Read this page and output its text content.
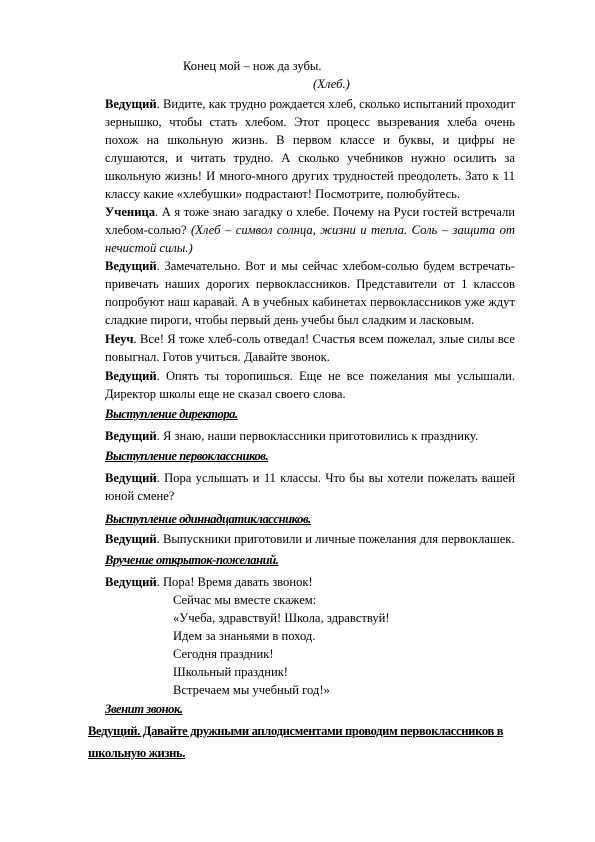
Конец мой – нож да зубы.
(Хлеб.)

Ведущий. Видите, как трудно рождается хлеб, сколько испытаний проходит зернышко, чтобы стать хлебом. Этот процесс вызревания хлеба очень похож на школьную жизнь. В первом классе и буквы, и цифры не слушаются, и читать трудно. А сколько учебников нужно осилить за школьную жизнь! И много-много других трудностей преодолеть. Зато к 11 классу какие «хлебушки» подрастают! Посмотрите, полюбуйтесь.

Ученица. А я тоже знаю загадку о хлебе. Почему на Руси гостей встречали хлебом-солью? (Хлеб – символ солнца, жизни и тепла. Соль – защита от нечистой силы.)

Ведущий. Замечательно. Вот и мы сейчас хлебом-солью будем встречать-привечать наших дорогих первоклассников. Представители от 1 классов попробуют наш каравай. А в учебных кабинетах первоклассников уже ждут сладкие пироги, чтобы первый день учебы был сладким и ласковым.

Неуч. Все! Я тоже хлеб-соль отведал! Счастья всем пожелал, злые силы все повыгнал. Готов учиться. Давайте звонок.

Ведущий. Опять ты торопишься. Еще не все пожелания мы услышали. Директор школы еще не сказал своего слова.

Выступление директора.

Ведущий. Я знаю, наши первоклассники приготовились к празднику.

Выступление первоклассников.

Ведущий. Пора услышать и 11 классы. Что бы вы хотели пожелать вашей юной смене?

Выступление одиннадцатиклассников.

Ведущий. Выпускники приготовили и личные пожелания для первоклашек.

Вручение открыток-пожеланий.

Ведущий. Пора! Время давать звонок!

Сейчас мы вместе скажем:
«Учеба, здравствуй! Школа, здравствуй!
Идем за знаньями в поход.
Сегодня праздник!
Школьный праздник!
Встречаем мы учебный год!»
Звенит звонок.
Ведущий. Давайте дружными аплодисментами проводим первоклассников в школьную жизнь.
